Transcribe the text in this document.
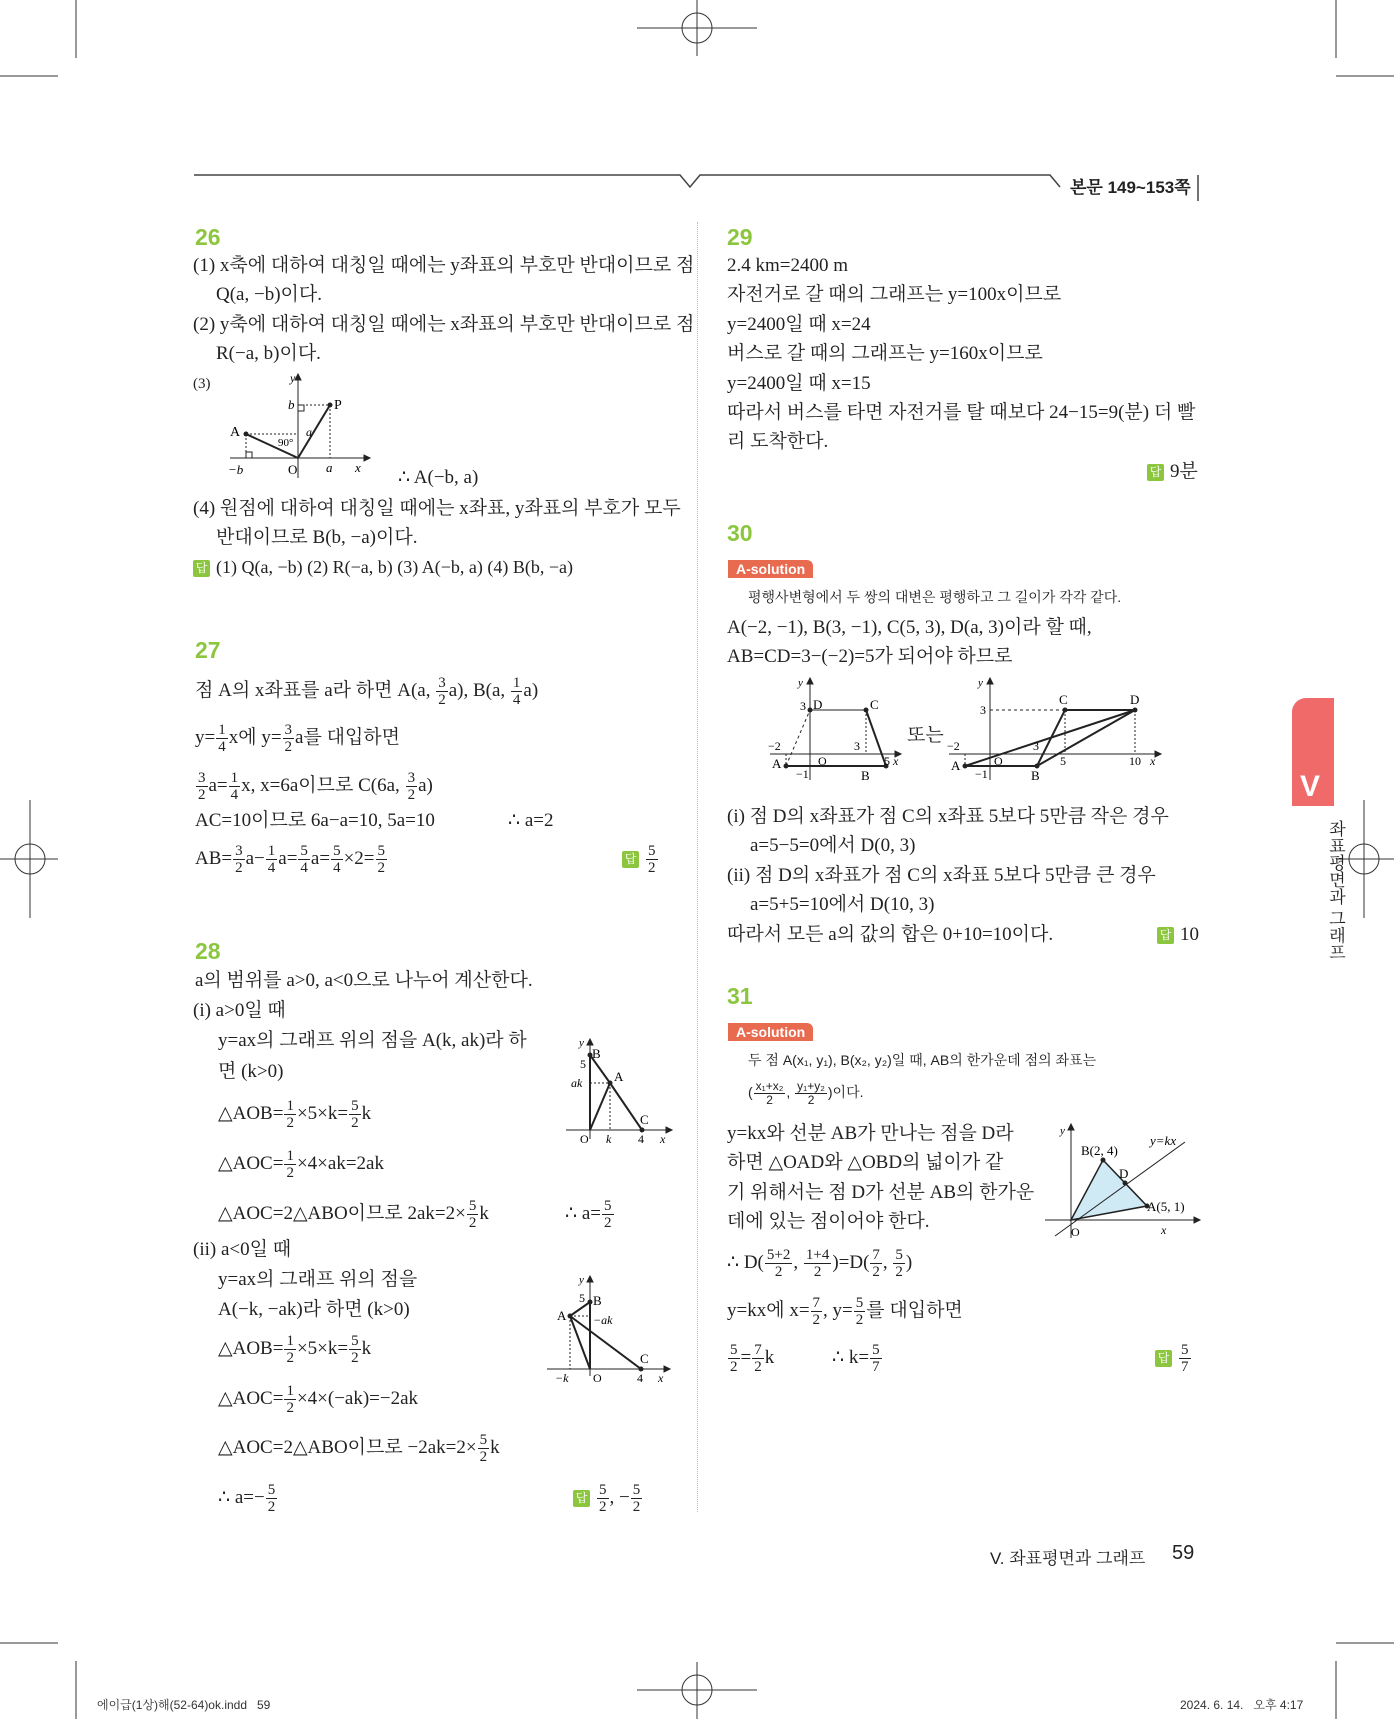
본문 149~153쪽
V
좌표평면과 그래프
26
(1) x축에 대하여 대칭일 때에는 y좌표의 부호만 반대이므로 점
Q(a, −b)이다.
(2) y축에 대하여 대칭일 때에는 x좌표의 부호만 반대이므로 점
R(−a, b)이다.
(3)	y
b	P
A
90°
a
−b	O a x ∴ A(−b, a)
(4) 원점에 대하여 대칭일 때에는 x좌표, y좌표의 부호가 모두
반대이므로 B(b, −a)이다.
답 (1) Q(a, −b) (2) R(−a, b) (3) A(−b, a) (4) B(b, −a)
27
점 A의 x좌표를 a라 하면 A(a, $\frac{3}{2} a$), B(a, $\frac{1}{4} a$)
$y= \frac{1}{4}$ x에 $y= \frac{3}{2}$ a를 대입하면
$\frac{3}{2} a= \frac{1}{4} x$, x=6a이므로 C(6a, $\frac{3}{2} a$)
AC=10이므로 6a−a=10, 5a=10	∴ a=2
$AB= \frac{3}{2} a- \frac{1}{4} a= \frac{5}{4} a= \frac{5}{4} \times 2= \frac{5}{2}$	답 $\frac{5}{2}$
28
a의 범위를 a>0, a<0으로 나누어 계산한다.
(i) a>0일 때
y=ax의 그래프 위의 점을 A(k, ak)라 하
면 (k>0)
△AOB= $\frac{1}{2} \times 5\times k= \frac{5}{2}$ k
△AOC= $\frac{1}{2} \times 4\times ak=2ak$
△AOC=2△ABO이므로 $2ak=2\times \frac{5}{2}$ k	∴ $a= \frac{5}{2}$
y
B
5
A
ak
C
O k 4 x
(ii) a<0일 때
y=ax의 그래프 위의 점을
A(−k, −ak)라 하면 (k>0)
△AOB= $\frac{1}{2} \times 5\times k= \frac{5}{2}$ k
△AOC= $\frac{1}{2} \times 4\times(-ak)=-2ak$
△AOC=2△ABO이므로 $-2ak=2\times \frac{5}{2}$ k
∴ $a=- \frac{5}{2}$	답 $\frac{5}{2}$ , − $\frac{5}{2}$
y
5 B
A −ak
C
−k O	4 x
29
2.4 km=2400 m
자전거로 갈 때의 그래프는 y=100x이므로
y=2400일 때 x=24
버스로 갈 때의 그래프는 y=160x이므로
y=2400일 때 x=15
따라서 버스를 타면 자전거를 탈 때보다 24−15=9(분) 더 빨
리 도착한다.
답 9분
30
A-solution
평행사변형에서 두 쌍의 대변은 평행하고 그 길이가 각각 같다.
A(−2, −1), B(3, −1), C(5, 3), D(a, 3)이라 할 때,
AB=CD=3−(−2)=5가 되어야 하므로
y
3 D	C
−2
A	O
3
5 x
−1	B
또는
y
3
C	D
−2
A	O
3
5	10 x
−1	B
(i) 점 D의 x좌표가 점 C의 x좌표 5보다 5만큼 작은 경우
a=5−5=0에서 D(0, 3)
(ii) 점 D의 x좌표가 점 C의 x좌표 5보다 5만큼 큰 경우
a=5+5=10에서 D(10, 3)
따라서 모든 a의 값의 합은 0+10=10이다.	답 10
31
A-solution
두 점 A(x₁, y₁), B(x₂, y₂)일 때, AB의 한가운데 점의 좌표는
( $\frac{\text{x₁+x₂}}{2}$ , $\frac{\text{y₁+y₂}}{2}$ )이다.
y=kx와 선분 AB가 만나는 점을 D라
하면 △OAD와 △OBD의 넓이가 같
기 위해서는 점 D가 선분 AB의 한가운
데에 있는 점이어야 한다.
∴ $D( \frac{5+2}{2}$ , $\frac{1+4}{2} )=D( \frac{7}{2}$ , $\frac{5}{2}$ )
y=kx에 $x= \frac{7}{2}$ , $y= \frac{5}{2}$ 를 대입하면
$\frac{5}{2} = \frac{7}{2}$ k	∴ $k= \frac{5}{7}$	답 $\frac{5}{7}$
y
B(2, 4)
y=kx
D
A(5, 1)
O	x
V. 좌표평면과 그래프 59
에이급(1상)해(52-64)ok.indd   59	2024. 6. 14.   오후 4:17
